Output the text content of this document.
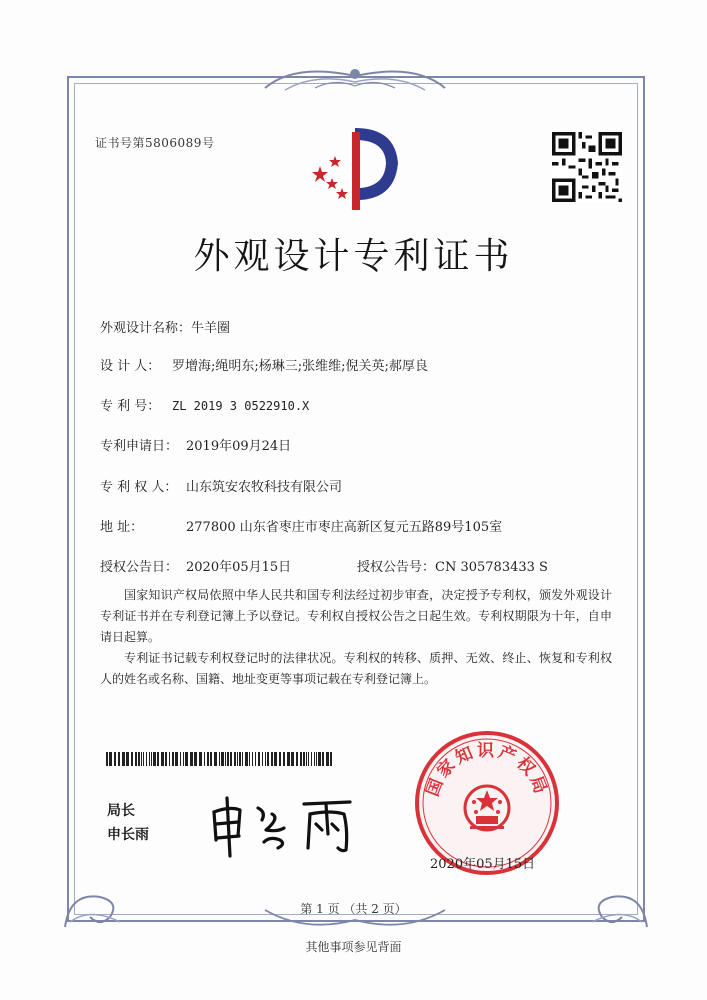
证书号第5806089号
外观设计专利证书
外观设计名称：牛羊圈
设 计 人： 罗增海;绳明东;杨琳三;张维维;倪关英;郝厚良
专 利 号： ZL 2019 3 0522910.X
专利申请日： 2019年09月24日
专 利 权 人： 山东筑安农牧科技有限公司
地 址：	277800 山东省枣庄市枣庄高新区复元五路89号105室
授权公告日： 2020年05月15日	授权公告号：CN 305783433 S
国家知识产权局依照中华人民共和国专利法经过初步审查，决定授予专利权，颁发外观设计专利证书并在专利登记簿上予以登记。专利权自授权公告之日起生效。专利权期限为十年，自申请日起算。
专利证书记载专利权登记时的法律状况。专利权的转移、质押、无效、终止、恢复和专利权人的姓名或名称、国籍、地址变更等事项记载在专利登记簿上。
局长
申长雨
国家知识产权局
2020年05月15日
第 1 页 （共 2 页）
其他事项参见背面
